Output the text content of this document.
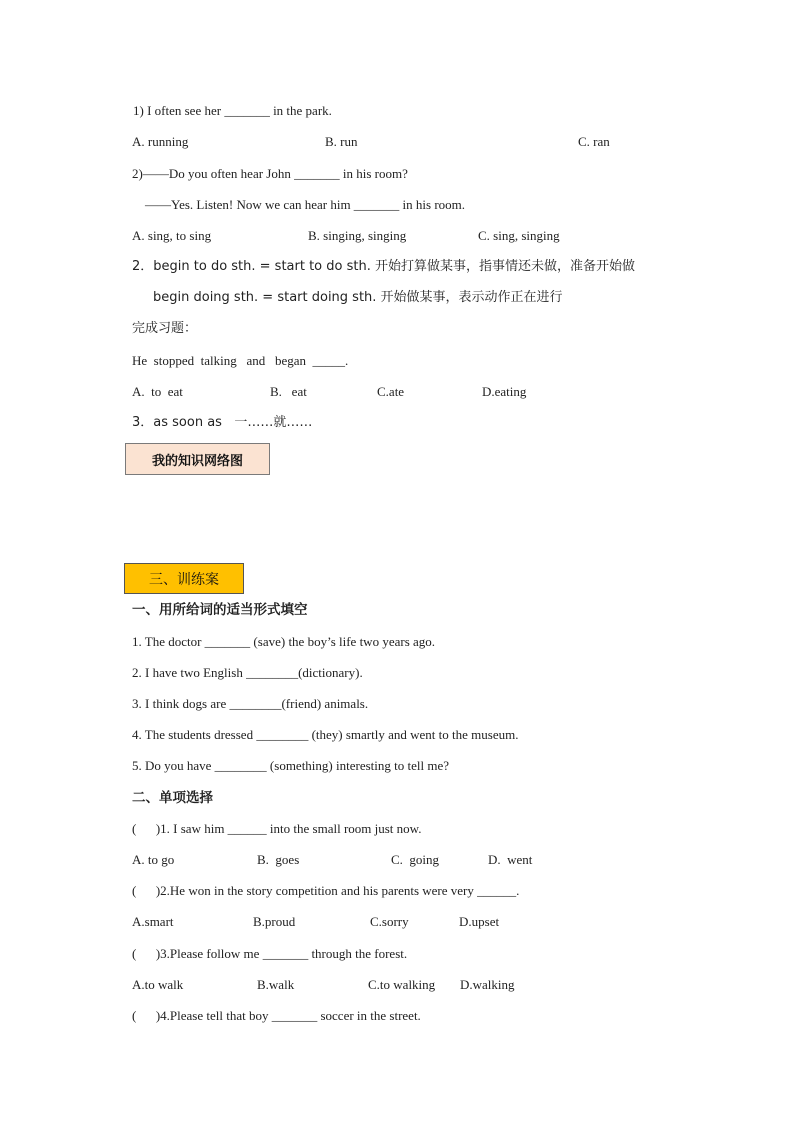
1) I often see her _______ in the park.
A. running	B. run	C. ran
2)——Do you often hear John _______ in his room?
——Yes. Listen! Now we can hear him _______ in his room.
A. sing, to sing	B. singing, singing	C. sing, singing
2．begin to do sth. = start to do sth. 开始打算做某事，指事情还未做，准备开始做
begin doing sth. = start doing sth. 开始做某事，表示动作正在进行
完成习题：
He  stopped  talking   and   began  _____.
A.  to  eat	B.   eat	C.ate	D.eating
3．as soon as   一……就……
我的知识网络图
三、训练案
一、用所给词的适当形式填空
1. The doctor _______ (save) the boy’s life two years ago.
2. I have two English ________(dictionary).
3. I think dogs are ________(friend) animals.
4. The students dressed ________ (they) smartly and went to the museum.
5. Do you have ________ (something) interesting to tell me?
二、单项选择
(      )1. I saw him ______ into the small room just now.
A. to go	B.  goes	C.  going	D.  went
(      )2.He won in the story competition and his parents were very ______.
A.smart	B.proud	C.sorry	D.upset
(      )3.Please follow me _______ through the forest.
A.to walk	B.walk	C.to walking D.walking
(      )4.Please tell that boy _______ soccer in the street.
